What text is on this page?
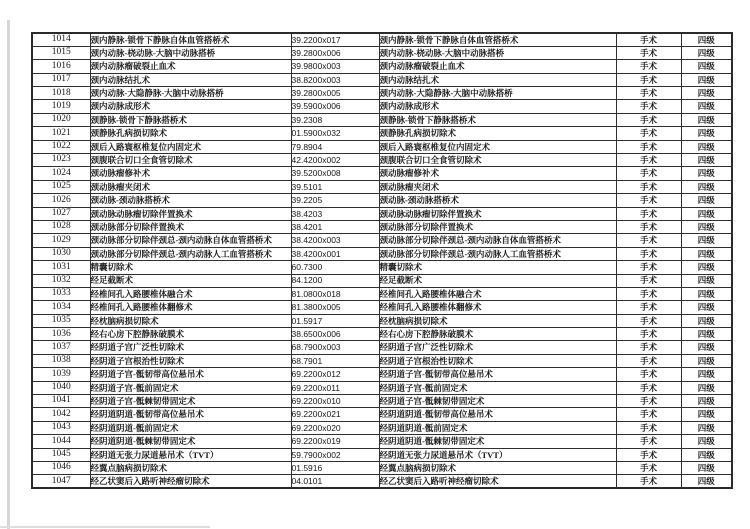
1014	颈内静脉-锁骨下静脉自体血管搭桥术	39.2200x017	颈内静脉-锁骨下静脉自体血管搭桥术	手术	四级
1015	颈内动脉-桡动脉-大脑中动脉搭桥	39.2800x006	颈内动脉-桡动脉-大脑中动脉搭桥	手术	四级
1016	颈内动脉瘤破裂止血术	39.9800x003	颈内动脉瘤破裂止血术	手术	四级
1017	颈内动脉结扎术	38.8200x003	颈内动脉结扎术	手术	四级
1018	颈内动脉-大隐静脉-大脑中动脉搭桥	39.2800x005	颈内动脉-大隐静脉-大脑中动脉搭桥	手术	四级
1019	颈内动脉成形术	39.5900x006	颈内动脉成形术	手术	四级
1020	颈静脉-锁骨下静脉搭桥术	39.2308	颈静脉-锁骨下静脉搭桥术	手术	四级
1021	颈静脉孔病损切除术	01.5900x032	颈静脉孔病损切除术	手术	四级
1022	颈后入路寰枢椎复位内固定术	79.8904	颈后入路寰枢椎复位内固定术	手术	四级
1023	颈腹联合切口全食管切除术	42.4200x002	颈腹联合切口全食管切除术	手术	四级
1024	颈动脉瘤修补术	39.5200x008	颈动脉瘤修补术	手术	四级
1025	颈动脉瘤夹闭术	39.5101	颈动脉瘤夹闭术	手术	四级
1026	颈动脉-颈动脉搭桥术	39.2205	颈动脉-颈动脉搭桥术	手术	四级
1027	颈动脉动脉瘤切除伴置换术	38.4203	颈动脉动脉瘤切除伴置换术	手术	四级
1028	颈动脉部分切除伴置换术	38.4201	颈动脉部分切除伴置换术	手术	四级
1029	颈动脉部分切除伴颈总-颈内动脉自体血管搭桥术	38.4200x003	颈动脉部分切除伴颈总-颈内动脉自体血管搭桥术	手术	四级
1030	颈动脉部分切除伴颈总-颈内动脉人工血管搭桥术	38.4200x001	颈动脉部分切除伴颈总-颈内动脉人工血管搭桥术	手术	四级
1031	精囊切除术	60.7300	精囊切除术	手术	四级
1032	经足截断术	84.1200	经足截断术	手术	四级
1033	经椎间孔入路腰椎体融合术	81.0800x018	经椎间孔入路腰椎体融合术	手术	四级
1034	经椎间孔入路腰椎体翻修术	81.3800x005	经椎间孔入路腰椎体翻修术	手术	四级
1035	经枕脑病损切除术	01.5917	经枕脑病损切除术	手术	四级
1036	经右心房下腔静脉破膜术	38.6500x006	经右心房下腔静脉破膜术	手术	四级
1037	经阴道子宫广泛性切除术	68.7900x003	经阴道子宫广泛性切除术	手术	四级
1038	经阴道子宫根治性切除术	68.7901	经阴道子宫根治性切除术	手术	四级
1039	经阴道子宫-骶韧带高位悬吊术	69.2200x012	经阴道子宫-骶韧带高位悬吊术	手术	四级
1040	经阴道子宫-骶前固定术	69.2200x011	经阴道子宫-骶前固定术	手术	四级
1041	经阴道子宫-骶棘韧带固定术	69.2200x010	经阴道子宫-骶棘韧带固定术	手术	四级
1042	经阴道阴道-骶韧带高位悬吊术	69.2200x021	经阴道阴道-骶韧带高位悬吊术	手术	四级
1043	经阴道阴道-骶前固定术	69.2200x020	经阴道阴道-骶前固定术	手术	四级
1044	经阴道阴道-骶棘韧带固定术	69.2200x019	经阴道阴道-骶棘韧带固定术	手术	四级
1045	经阴道无张力尿道悬吊术（TVT）	59.7900x002	经阴道无张力尿道悬吊术（TVT）	手术	四级
1046	经翼点脑病损切除术	01.5916	经翼点脑病损切除术	手术	四级
1047	经乙状窦后入路听神经瘤切除术	04.0101	经乙状窦后入路听神经瘤切除术	手术	四级
